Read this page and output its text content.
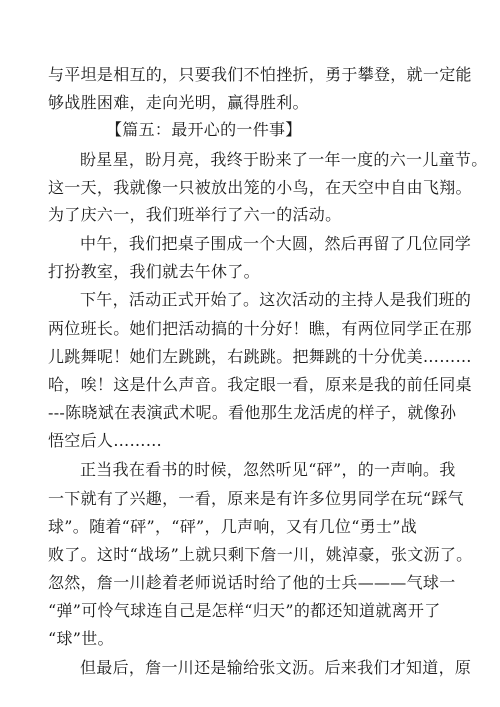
与平坦是相互的，只要我们不怕挫折，勇于攀登，就一定能
够战胜困难，走向光明，赢得胜利。
【篇五：最开心的一件事】
盼星星，盼月亮，我终于盼来了一年一度的六一儿童节。
这一天，我就像一只被放出笼的小鸟，在天空中自由飞翔。
为了庆六一，我们班举行了六一的活动。
中午，我们把桌子围成一个大圆，然后再留了几位同学
打扮教室，我们就去午休了。
下午，活动正式开始了。这次活动的主持人是我们班的
两位班长。她们把活动搞的十分好！瞧，有两位同学正在那
儿跳舞呢！她们左跳跳，右跳跳。把舞跳的十分优美………
哈，唉！这是什么声音。我定眼一看，原来是我的前任同桌
---陈晓斌在表演武术呢。看他那生龙活虎的样子，就像孙
悟空后人………
正当我在看书的时候，忽然听见“砰”，的一声响。我
一下就有了兴趣，一看，原来是有许多位男同学在玩“踩气
球”。随着“砰”，“砰”，几声响，又有几位“勇士”战
败了。这时“战场”上就只剩下詹一川，姚淖豪，张文沥了。
忽然，詹一川趁着老师说话时给了他的士兵———气球一
“弹”可怜气球连自己是怎样“归天”的都还知道就离开了
“球”世。
但最后，詹一川还是输给张文沥。后来我们才知道，原
